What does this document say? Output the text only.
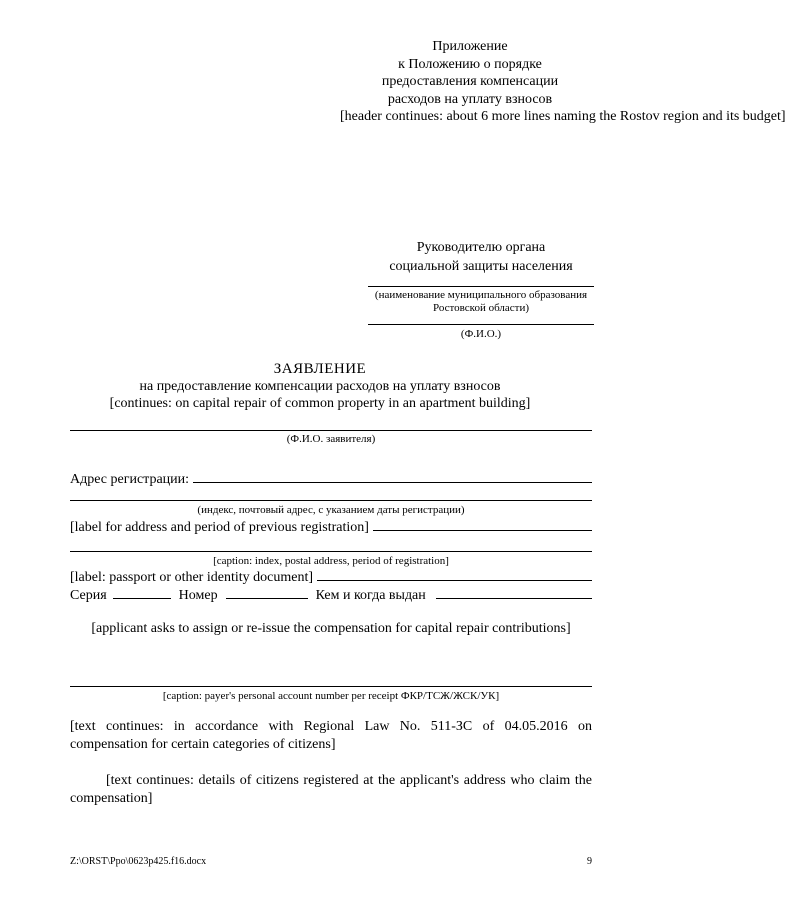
Приложение
к Положению о порядке
предоставления компенсации
расходов на уплату взносов
[header continues: about 6 more lines naming the Rostov region and its budget]
Руководителю органа
социальной защиты населения
(наименование муниципального образования Ростовской области)
(Ф.И.О.)
ЗАЯВЛЕНИЕ
на предоставление компенсации расходов на уплату взносов
[continues: on capital repair of common property in an apartment building]
(Ф.И.О. заявителя)
Адрес регистрации:
(индекс, почтовый адрес, с указанием даты регистрации)
[label for address and period of previous registration]
[caption: index, postal address, period of registration]
[label: passport or other identity document]
Серия	Номер	Кем и когда выдан
[applicant asks to assign or re-issue the compensation for capital repair contributions]
[caption: payer's personal account number per receipt ФКР/ТСЖ/ЖСК/УК]
[text continues: in accordance with Regional Law No. 511-ЗС of 04.05.2016 on compensation for certain categories of citizens]
[text continues: details of citizens registered at the applicant's address who claim the compensation]
Z:\ORST\Ppo\0623p425.f16.docx	9
